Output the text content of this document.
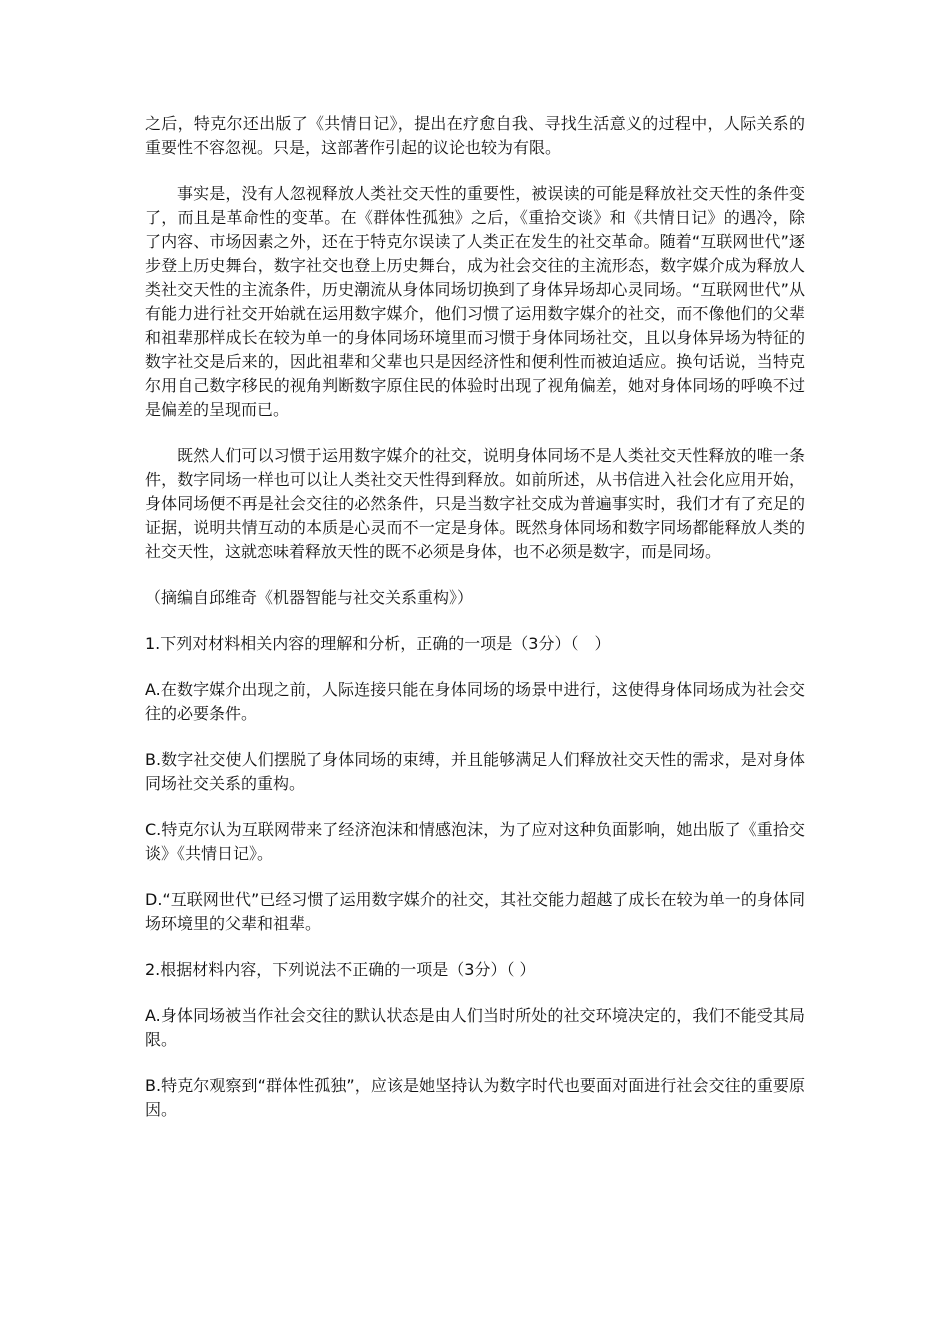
之后，特克尔还出版了《共情日记》，提出在疗愈自我、寻找生活意义的过程中，人际关系的重要性不容忽视。只是，这部著作引起的议论也较为有限。

事实是，没有人忽视释放人类社交天性的重要性，被误读的可能是释放社交天性的条件变了，而且是革命性的变革。在《群体性孤独》之后，《重拾交谈》和《共情日记》的遇冷，除了内容、市场因素之外，还在于特克尔误读了人类正在发生的社交革命。随着“互联网世代”逐步登上历史舞台，数字社交也登上历史舞台，成为社会交往的主流形态，数字媒介成为释放人类社交天性的主流条件，历史潮流从身体同场切换到了身体异场却心灵同场。“互联网世代”从有能力进行社交开始就在运用数字媒介，他们习惯了运用数字媒介的社交，而不像他们的父辈和祖辈那样成长在较为单一的身体同场环境里而习惯于身体同场社交，且以身体异场为特征的数字社交是后来的，因此祖辈和父辈也只是因经济性和便利性而被迫适应。换句话说，当特克尔用自己数字移民的视角判断数字原住民的体验时出现了视角偏差，她对身体同场的呼唤不过是偏差的呈现而已。

既然人们可以习惯于运用数字媒介的社交，说明身体同场不是人类社交天性释放的唯一条件，数字同场一样也可以让人类社交天性得到释放。如前所述，从书信进入社会化应用开始，身体同场便不再是社会交往的必然条件，只是当数字社交成为普遍事实时，我们才有了充足的证据，说明共情互动的本质是心灵而不一定是身体。既然身体同场和数字同场都能释放人类的社交天性，这就恋味着释放天性的既不必须是身体，也不必须是数字，而是同场。

（摘编自邱维奇《机器智能与社交关系重构》）

1.下列对材料相关内容的理解和分析，正确的一项是（3分）（　）

A.在数字媒介出现之前，人际连接只能在身体同场的场景中进行，这使得身体同场成为社会交往的必要条件。

B.数字社交使人们摆脱了身体同场的束缚，并且能够满足人们释放社交天性的需求，是对身体同场社交关系的重构。

C.特克尔认为互联网带来了经济泡沫和情感泡沫，为了应对这种负面影响，她出版了《重拾交谈》《共情日记》。

D.“互联网世代”已经习惯了运用数字媒介的社交，其社交能力超越了成长在较为单一的身体同场环境里的父辈和祖辈。

2.根据材料内容，下列说法不正确的一项是（3分）（ ）

A.身体同场被当作社会交往的默认状态是由人们当时所处的社交环境决定的，我们不能受其局限。

B.特克尔观察到“群体性孤独”，应该是她坚持认为数字时代也要面对面进行社会交往的重要原因。
